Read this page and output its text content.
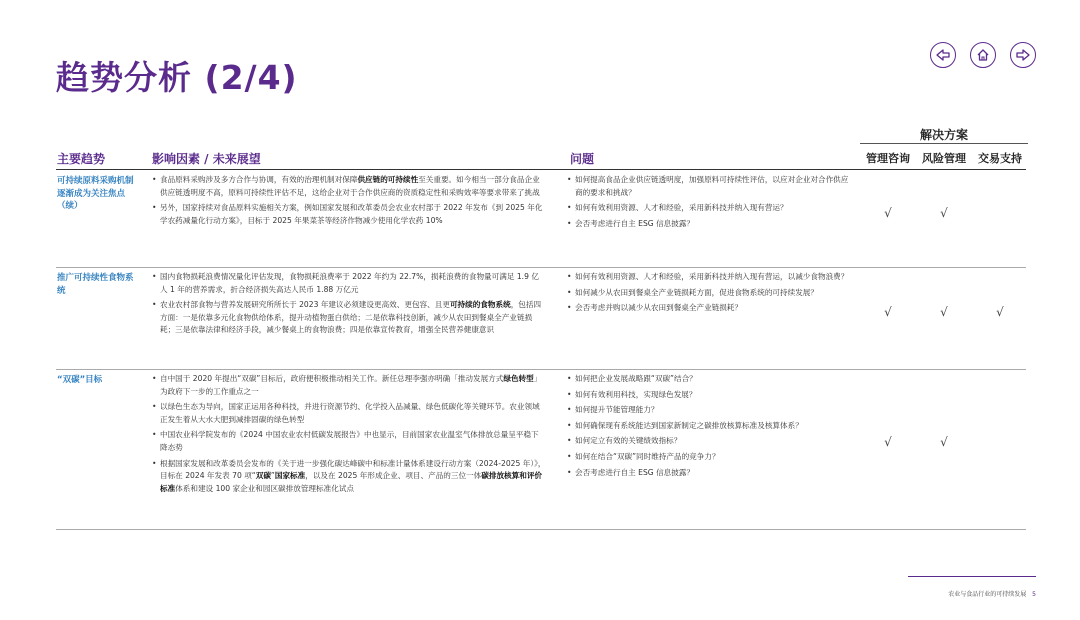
趋势分析 (2/4)
解决方案
主要趋势	影响因素 / 未来展望	问题	管理咨询	风险管理	交易支持
可持续原料采购机制逐渐成为关注焦点（续）
• 食品原料采购涉及多方合作与协调，有效的治理机制对保障供应链的可持续性至关重要。如今相当一部分食品企业供应链透明度不高，原料可持续性评估不足，这给企业对于合作供应商的资质稳定性和采购效率等要求带来了挑战
• 另外，国家持续对食品原料实施相关方案，例如国家发展和改革委员会农业农村部于 2022 年发布《到 2025 年化学农药减量化行动方案》，目标于 2025 年果菜茶等经济作物减少使用化学农药 10%
• 如何提高食品企业供应链透明度，加强原料可持续性评估，以应对企业对合作供应商的要求和挑战？
• 如何有效利用资源、人才和经验，采用新科技并纳入现有营运？
• 会否考虑进行自主 ESG 信息披露？
√	√
推广可持续性食物系统
• 国内食物损耗浪费情况量化评估发现，食物损耗浪费率于 2022 年约为 22.7%，损耗浪费的食物量可满足 1.9 亿人 1 年的营养需求，折合经济损失高达人民币 1.88 万亿元
• 农业农村部食物与营养发展研究所所长于 2023 年建议必须建设更高效、更包容、且更可持续的食物系统，包括四方面：一是依靠多元化食物供给体系，提升动植物蛋白供给；二是依靠科技创新，减少从农田到餐桌全产业链损耗；三是依靠法律和经济手段，减少餐桌上的食物浪费；四是依靠宣传教育，增强全民营养健康意识
• 如何有效利用资源、人才和经验，采用新科技并纳入现有营运，以减少食物浪费？
• 如何减少从农田到餐桌全产业链损耗方面，促进食物系统的可持续发展？
• 会否考虑并购以减少从农田到餐桌全产业链损耗？	√	√	√
“双碳”目标
•	自中国于 2020 年提出“双碳”目标后，政府便积极推动相关工作。新任总理李强亦明确「推动发展方式绿色转型」为政府下一步的工作重点之一
• 以绿色生态为导向，国家正运用各种科技，并进行资源节约、化学投入品减量、绿色低碳化等关键环节。农业领域正发生着从大水大肥到减排固碳的绿色转型
• 中国农业科学院发布的《2024 中国农业农村低碳发展报告》中也显示，目前国家农业温室气体排放总量呈平稳下降态势
• 根据国家发展和改革委员会发布的《关于进一步强化碳达峰碳中和标准计量体系建设行动方案（2024-2025 年）》，目标在 2024 年发表 70 项“双碳”国家标准，以及在 2025 年形成企业、项目、产品的三位一体碳排放核算和评价标准体系和建设 100 家企业和园区碳排放管理标准化试点
• 如何把企业发展战略跟“双碳”结合？
• 如何有效利用科技，实现绿色发展？
• 如何提升节能管理能力？
• 如何确保现有系统能达到国家新制定之碳排放核算标准及核算体系？
• 如何定立有效的关键绩效指标？
• 如何在结合“双碳”同时维持产品的竞争力？
• 会否考虑进行自主 ESG 信息披露？
√	√
农业与食品行业的可持续发展 5
